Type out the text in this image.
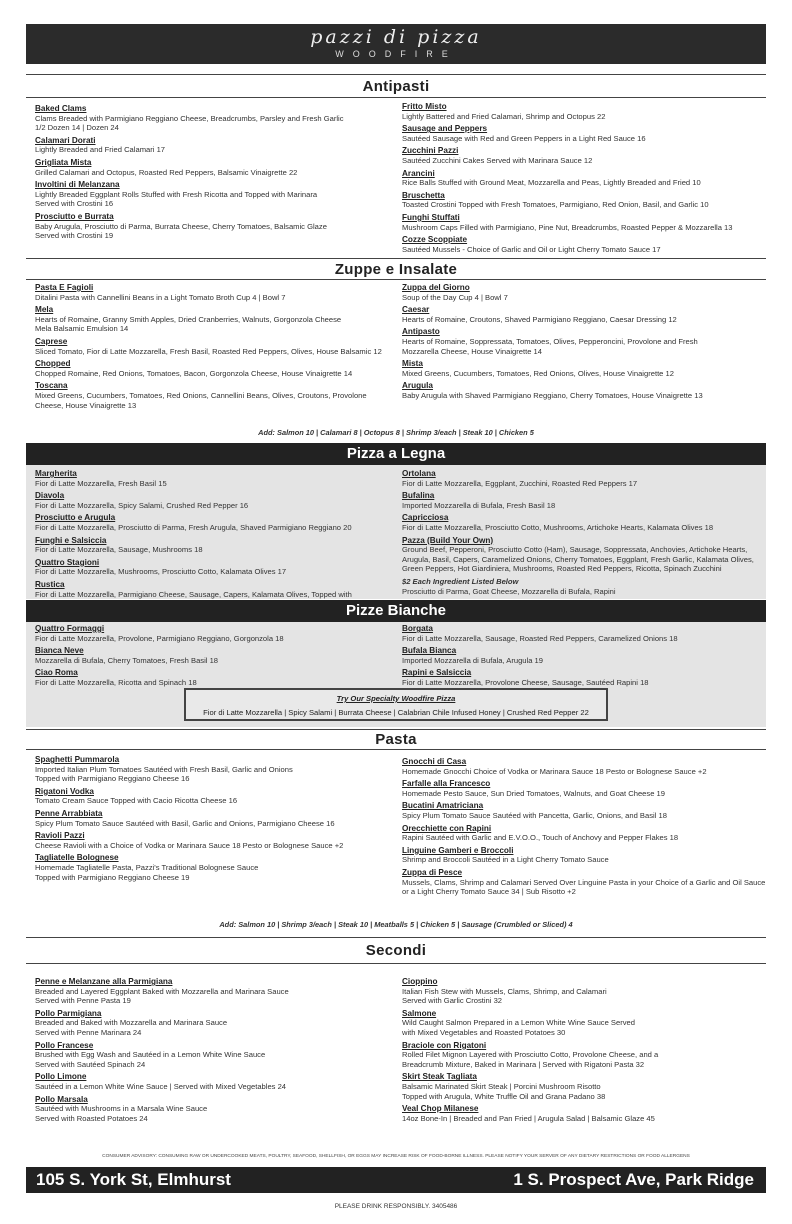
pazzi di pizza
WOODFIRE
Antipasti
Baked Clams
Clams Breaded with Parmigiano Reggiano Cheese, Breadcrumbs, Parsley and Fresh Garlic
1/2 Dozen 14 | Dozen 24
Calamari Dorati
Lightly Breaded and Fried Calamari 17
Grigliata Mista
Grilled Calamari and Octopus, Roasted Red Peppers, Balsamic Vinaigrette 22
Involtini di Melanzana
Lightly Breaded Eggplant Rolls Stuffed with Fresh Ricotta and Topped with Marinara
Served with Crostini 16
Prosciutto e Burrata
Baby Arugula, Prosciutto di Parma, Burrata Cheese, Cherry Tomatoes, Balsamic Glaze
Served with Crostini 19
Fritto Misto
Lightly Battered and Fried Calamari, Shrimp and Octopus 22
Sausage and Peppers
Sautéed Sausage with Red and Green Peppers in a Light Red Sauce 16
Zucchini Pazzi
Sautéed Zucchini Cakes Served with Marinara Sauce 12
Arancini
Rice Balls Stuffed with Ground Meat, Mozzarella and Peas, Lightly Breaded and Fried 10
Bruschetta
Toasted Crostini Topped with Fresh Tomatoes, Parmigiano, Red Onion, Basil, and Garlic 10
Funghi Stuffati
Mushroom Caps Filled with Parmigiano, Pine Nut, Breadcrumbs, Roasted Pepper & Mozzarella 13
Cozze Scoppiate
Sautéed Mussels - Choice of Garlic and Oil or Light Cherry Tomato Sauce 17
Zuppe e Insalate
Pasta E Fagioli
Ditalini Pasta with Cannellini Beans in a Light Tomato Broth Cup 4 | Bowl 7
Mela
Hearts of Romaine, Granny Smith Apples, Dried Cranberries, Walnuts, Gorgonzola Cheese
Mela Balsamic Emulsion 14
Caprese
Sliced Tomato, Fior di Latte Mozzarella, Fresh Basil, Roasted Red Peppers, Olives, House Balsamic 12
Chopped
Chopped Romaine, Red Onions, Tomatoes, Bacon, Gorgonzola Cheese, House Vinaigrette 14
Toscana
Mixed Greens, Cucumbers, Tomatoes, Red Onions, Cannellini Beans, Olives, Croutons, Provolone
Cheese, House Vinaigrette 13
Zuppa del Giorno
Soup of the Day Cup 4 | Bowl 7
Caesar
Hearts of Romaine, Croutons, Shaved Parmigiano Reggiano, Caesar Dressing 12
Antipasto
Hearts of Romaine, Soppressata, Tomatoes, Olives, Pepperoncini, Provolone and Fresh
Mozzarella Cheese, House Vinaigrette 14
Mista
Mixed Greens, Cucumbers, Tomatoes, Red Onions, Olives, House Vinaigrette 12
Arugula
Baby Arugula with Shaved Parmigiano Reggiano, Cherry Tomatoes, House Vinaigrette 13
Add: Salmon 10 | Calamari 8 | Octopus 8 | Shrimp 3/each | Steak 10 | Chicken 5
Pizza a Legna
Margherita
Fior di Latte Mozzarella, Fresh Basil 15
Diavola
Fior di Latte Mozzarella, Spicy Salami, Crushed Red Pepper 16
Prosciutto e Arugula
Fior di Latte Mozzarella, Prosciutto di Parma, Fresh Arugula, Shaved Parmigiano Reggiano 20
Funghi e Salsiccia
Fior di Latte Mozzarella, Sausage, Mushrooms 18
Quattro Stagioni
Fior di Latte Mozzarella, Mushrooms, Prosciutto Cotto, Kalamata Olives 17
Rustica
Fior di Latte Mozzarella, Parmigiano Cheese, Sausage, Capers, Kalamata Olives, Topped with

Ortolana
Fior di Latte Mozzarella, Eggplant, Zucchini, Roasted Red Peppers 17
Bufalina
Imported Mozzarella di Bufala, Fresh Basil 18
Capricciosa
Fior di Latte Mozzarella, Prosciutto Cotto, Mushrooms, Artichoke Hearts, Kalamata Olives 18
Pazza (Build Your Own)
Ground Beef, Pepperoni, Prosciutto Cotto (Ham), Sausage, Soppressata, Anchovies, Artichoke Hearts, Arugula, Basil, Capers, Caramelized Onions, Cherry Tomatoes, Eggplant, Fresh Garlic, Kalamata Olives, Green Peppers, Hot Giardiniera, Mushrooms, Roasted Red Peppers, Ricotta, Spinach Zucchini
$2 Each Ingredient Listed Below
Prosciutto di Parma, Goat Cheese, Mozzarella di Bufala, Rapini
Pizze Bianche
Quattro Formaggi
Fior di Latte Mozzarella, Provolone, Parmigiano Reggiano, Gorgonzola 18
Bianca Neve
Mozzarella di Bufala, Cherry Tomatoes, Fresh Basil 18
Ciao Roma
Fior di Latte Mozzarella, Ricotta and Spinach 18
Borgata
Fior di Latte Mozzarella, Sausage, Roasted Red Peppers, Caramelized Onions 18
Bufala Bianca
Imported Mozzarella di Bufala, Arugula 19
Rapini e Salsiccia
Fior di Latte Mozzarella, Provolone Cheese, Sausage, Sautéed Rapini 18
Try Our Specialty Woodfire Pizza
Fior di Latte Mozzarella | Spicy Salami | Burrata Cheese | Calabrian Chile Infused Honey | Crushed Red Pepper 22
Pasta
Spaghetti Pummarola
Imported Italian Plum Tomatoes Sautéed with Fresh Basil, Garlic and Onions
Topped with Parmigiano Reggiano Cheese 16
Rigatoni Vodka
Tomato Cream Sauce Topped with Cacio Ricotta Cheese 16
Penne Arrabbiata
Spicy Plum Tomato Sauce Sautéed with Basil, Garlic and Onions, Parmigiano Cheese 16
Ravioli Pazzi
Cheese Ravioli with a Choice of Vodka or Marinara Sauce 18 Pesto or Bolognese Sauce +2
Tagliatelle Bolognese
Homemade Tagliatelle Pasta, Pazzi's Traditional Bolognese Sauce
Topped with Parmigiano Reggiano Cheese 19
Gnocchi di Casa
Homemade Gnocchi Choice of Vodka or Marinara Sauce 18 Pesto or Bolognese Sauce +2
Farfalle alla Francesco
Homemade Pesto Sauce, Sun Dried Tomatoes, Walnuts, and Goat Cheese 19
Bucatini Amatriciana
Spicy Plum Tomato Sauce Sautéed with Pancetta, Garlic, Onions, and Basil 18
Orecchiette con Rapini
Rapini Sautéed with Garlic and E.V.O.O., Touch of Anchovy and Pepper Flakes 18
Linguine Gamberi e Broccoli
Shrimp and Broccoli Sautéed in a Light Cherry Tomato Sauce
Zuppa di Pesce
Mussels, Clams, Shrimp and Calamari Served Over Linguine Pasta in your Choice of a Garlic and Oil Sauce
or a Light Cherry Tomato Sauce 34 | Sub Risotto +2
Add: Salmon 10 | Shrimp 3/each | Steak 10 | Meatballs 5 | Chicken 5 | Sausage (Crumbled or Sliced) 4
Secondi
Penne e Melanzane alla Parmigiana
Breaded and Layered Eggplant Baked with Mozzarella and Marinara Sauce
Served with Penne Pasta 19
Pollo Parmigiana
Breaded and Baked with Mozzarella and Marinara Sauce
Served with Penne Marinara 24
Pollo Francese
Brushed with Egg Wash and Sautéed in a Lemon White Wine Sauce
Served with Sautéed Spinach 24
Pollo Limone
Sautéed in a Lemon White Wine Sauce | Served with Mixed Vegetables 24
Pollo Marsala
Sautéed with Mushrooms in a Marsala Wine Sauce
Served with Roasted Potatoes 24
Cioppino
Italian Fish Stew with Mussels, Clams, Shrimp, and Calamari
Served with Garlic Crostini 32
Salmone
Wild Caught Salmon Prepared in a Lemon White Wine Sauce Served
with Mixed Vegetables and Roasted Potatoes 30
Braciole con Rigatoni
Rolled Filet Mignon Layered with Prosciutto Cotto, Provolone Cheese, and a
Breadcrumb Mixture, Baked in Marinara | Served with Rigatoni Pasta 32
Skirt Steak Tagliata
Balsamic Marinated Skirt Steak | Porcini Mushroom Risotto
Topped with Arugula, White Truffle Oil and Grana Padano 38
Veal Chop Milanese
14oz Bone-In | Breaded and Pan Fried | Arugula Salad | Balsamic Glaze 45
CONSUMER ADVISORY: CONSUMING RAW OR UNDERCOOKED MEATS, POULTRY, SEAFOOD, SHELLFISH, OR EGGS MAY INCREASE RISK OF FOOD-BORNE ILLNESS. PLEASE NOTIFY YOUR SERVER OF ANY DIETARY RESTRICTIONS OR FOOD ALLERGENS
105 S. York St, Elmhurst	1 S. Prospect Ave, Park Ridge
PLEASE DRINK RESPONSIBLY. 3405486
